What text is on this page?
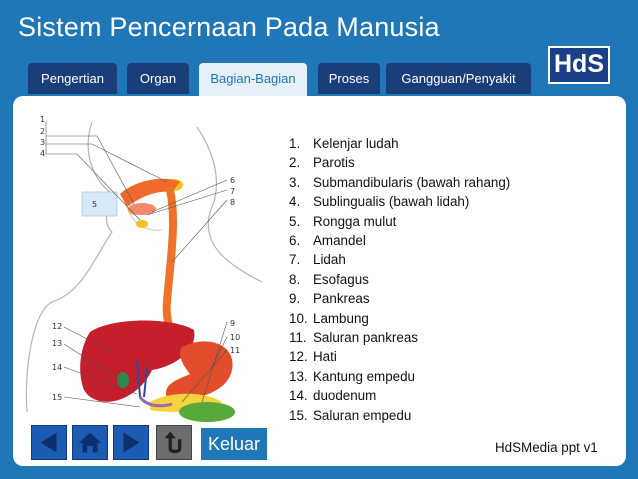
Sistem Pencernaan Pada Manusia
HdS
Pengertian	Organ	Bagian-Bagian	Proses	Gangguan/Penyakit
1
2
3
4
5
6
7
8
9
10
11
12
13
14
15
1. Kelenjar ludah
2. Parotis
3. Submandibularis (bawah rahang)
4. Sublingualis (bawah lidah)
5. Rongga mulut
6. Amandel
7. Lidah
8. Esofagus
9. Pankreas
10. Lambung
11. Saluran pankreas
12. Hati
13. Kantung empedu
14. duodenum
15. Saluran empedu
Keluar	HdSMedia ppt v1
